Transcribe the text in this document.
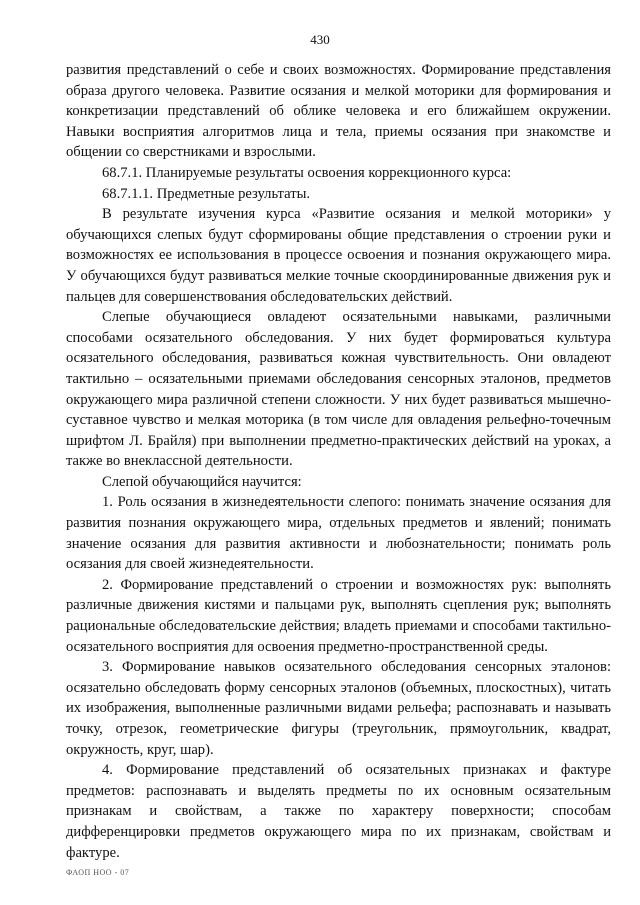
430

развития представлений о себе и своих возможностях. Формирование представления образа другого человека. Развитие осязания и мелкой моторики для формирования и конкретизации представлений об облике человека и его ближайшем окружении. Навыки восприятия алгоритмов лица и тела, приемы осязания при знакомстве и общении со сверстниками и взрослыми.

68.7.1. Планируемые результаты освоения коррекционного курса:

68.7.1.1. Предметные результаты.

В результате изучения курса «Развитие осязания и мелкой моторики» у обучающихся слепых будут сформированы общие представления о строении руки и возможностях ее использования в процессе освоения и познания окружающего мира. У обучающихся будут развиваться мелкие точные скоординированные движения рук и пальцев для совершенствования обследовательских действий.

Слепые обучающиеся овладеют осязательными навыками, различными способами осязательного обследования. У них будет формироваться культура осязательного обследования, развиваться кожная чувствительность. Они овладеют тактильно – осязательными приемами обследования сенсорных эталонов, предметов окружающего мира различной степени сложности. У них будет развиваться мышечно-суставное чувство и мелкая моторика (в том числе для овладения рельефно-точечным шрифтом Л. Брайля) при выполнении предметно-практических действий на уроках, а также во внеклассной деятельности.

Слепой обучающийся научится:

1. Роль осязания в жизнедеятельности слепого: понимать значение осязания для развития познания окружающего мира, отдельных предметов и явлений; понимать значение осязания для развития активности и любознательности; понимать роль осязания для своей жизнедеятельности.

2. Формирование представлений о строении и возможностях рук: выполнять различные движения кистями и пальцами рук, выполнять сцепления рук; выполнять рациональные обследовательские действия; владеть приемами и способами тактильно-осязательного восприятия для освоения предметно-пространственной среды.

3. Формирование навыков осязательного обследования сенсорных эталонов: осязательно обследовать форму сенсорных эталонов (объемных, плоскостных), читать их изображения, выполненные различными видами рельефа; распознавать и называть точку, отрезок, геометрические фигуры (треугольник, прямоугольник, квадрат, окружность, круг, шар).

4. Формирование представлений об осязательных признаках и фактуре предметов: распознавать и выделять предметы по их основным осязательным признакам и свойствам, а также по характеру поверхности; способам дифференцировки предметов окружающего мира по их признакам, свойствам и фактуре.

ФАОП НОО - 07
